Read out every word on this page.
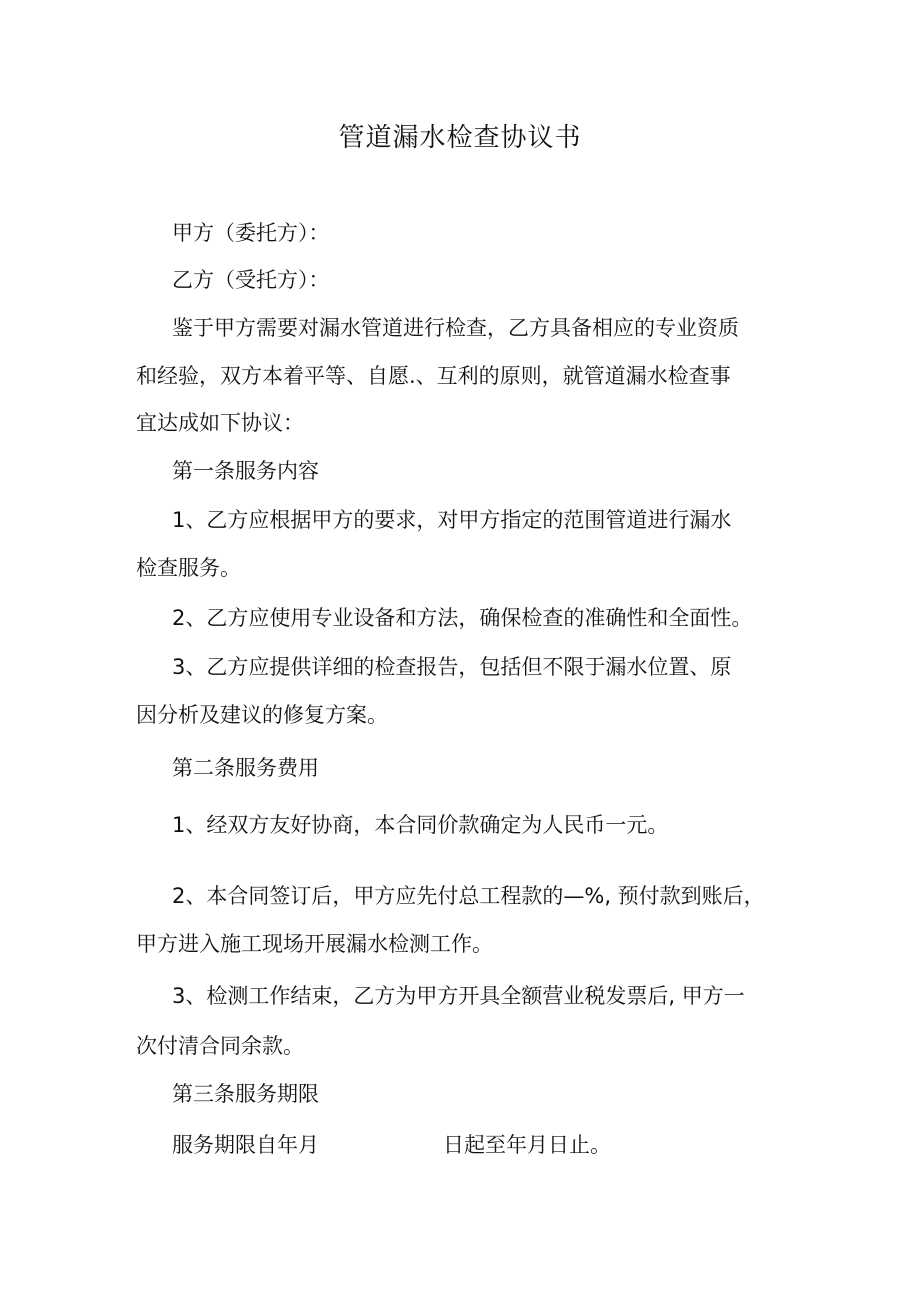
管道漏水检查协议书
甲方（委托方）：
乙方（受托方）：
鉴于甲方需要对漏水管道进行检查，乙方具备相应的专业资质
和经验，双方本着平等、自愿.、互利的原则，就管道漏水检查事
宜达成如下协议：
第一条服务内容
1、乙方应根据甲方的要求，对甲方指定的范围管道进行漏水
检查服务。
2、乙方应使用专业设备和方法，确保检查的准确性和全面性。
3、乙方应提供详细的检查报告，包括但不限于漏水位置、原
因分析及建议的修复方案。
第二条服务费用
1、经双方友好协商，本合同价款确定为人民币一元。
2、本合同签订后，甲方应先付总工程款的—%, 预付款到账后，
甲方进入施工现场开展漏水检测工作。
3、检测工作结束，乙方为甲方开具全额营业税发票后, 甲方一
次付清合同余款。
第三条服务期限
服务期限自年月	日起至年月日止。
